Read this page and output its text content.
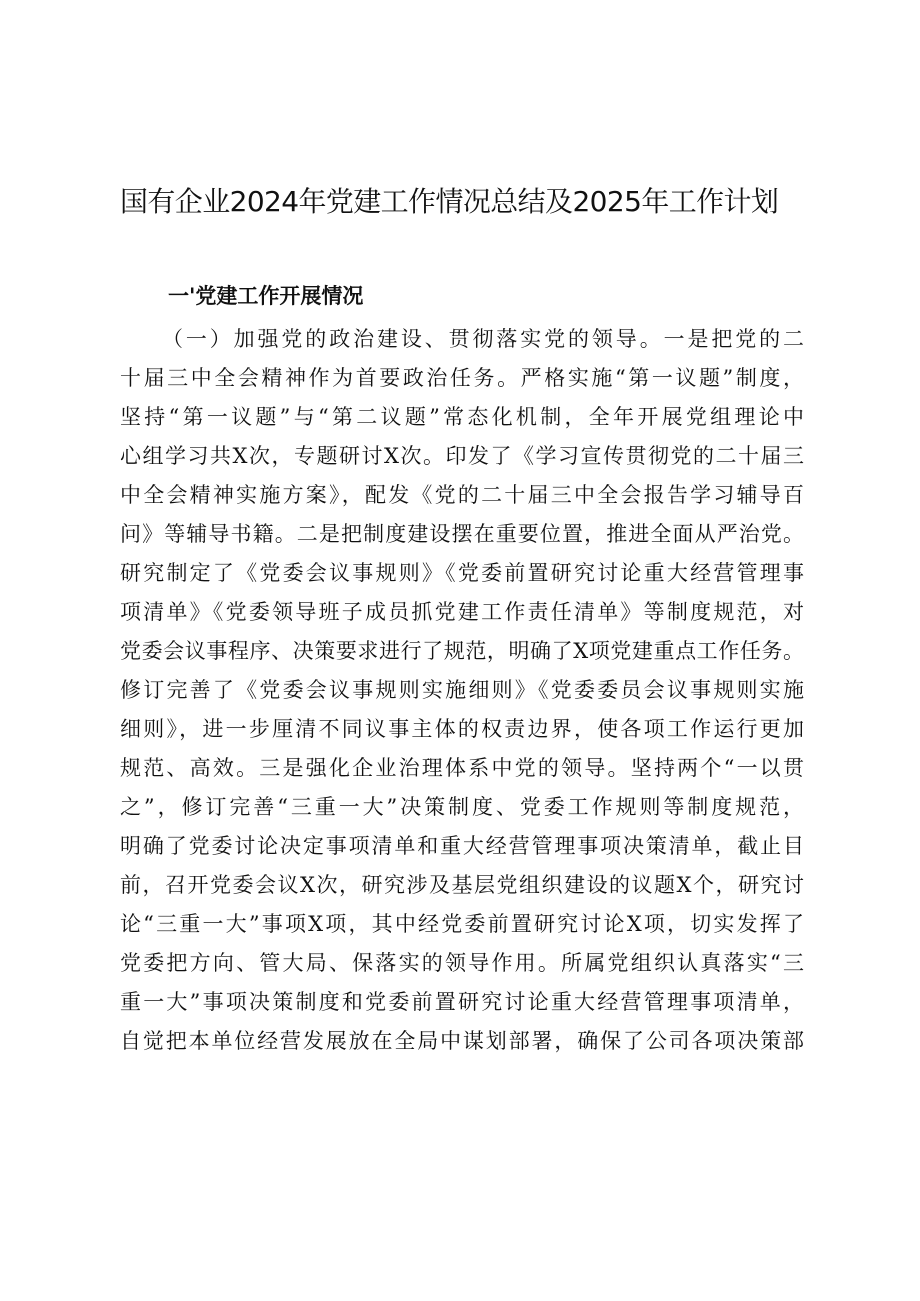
国有企业2024年党建工作情况总结及2025年工作计划
一'党建工作开展情况
（一）加强党的政治建设、贯彻落实党的领导。一是把党的二
十届三中全会精神作为首要政治任务。严格实施“第一议题”制度，
坚持“第一议题”与“第二议题”常态化机制，全年开展党组理论中
心组学习共X次，专题研讨X次。印发了《学习宣传贯彻党的二十届三
中全会精神实施方案》，配发《党的二十届三中全会报告学习辅导百
问》等辅导书籍。二是把制度建设摆在重要位置，推进全面从严治党。
研究制定了《党委会议事规则》《党委前置研究讨论重大经营管理事
项清单》《党委领导班子成员抓党建工作责任清单》等制度规范，对
党委会议事程序、决策要求进行了规范，明确了X项党建重点工作任务。
修订完善了《党委会议事规则实施细则》《党委委员会议事规则实施
细则》，进一步厘清不同议事主体的权责边界，使各项工作运行更加
规范、高效。三是强化企业治理体系中党的领导。坚持两个“一以贯
之”，修订完善“三重一大”决策制度、党委工作规则等制度规范，
明确了党委讨论决定事项清单和重大经营管理事项决策清单，截止目
前，召开党委会议X次，研究涉及基层党组织建设的议题X个，研究讨
论“三重一大”事项X项，其中经党委前置研究讨论X项，切实发挥了
党委把方向、管大局、保落实的领导作用。所属党组织认真落实“三
重一大”事项决策制度和党委前置研究讨论重大经营管理事项清单，
自觉把本单位经营发展放在全局中谋划部署，确保了公司各项决策部
